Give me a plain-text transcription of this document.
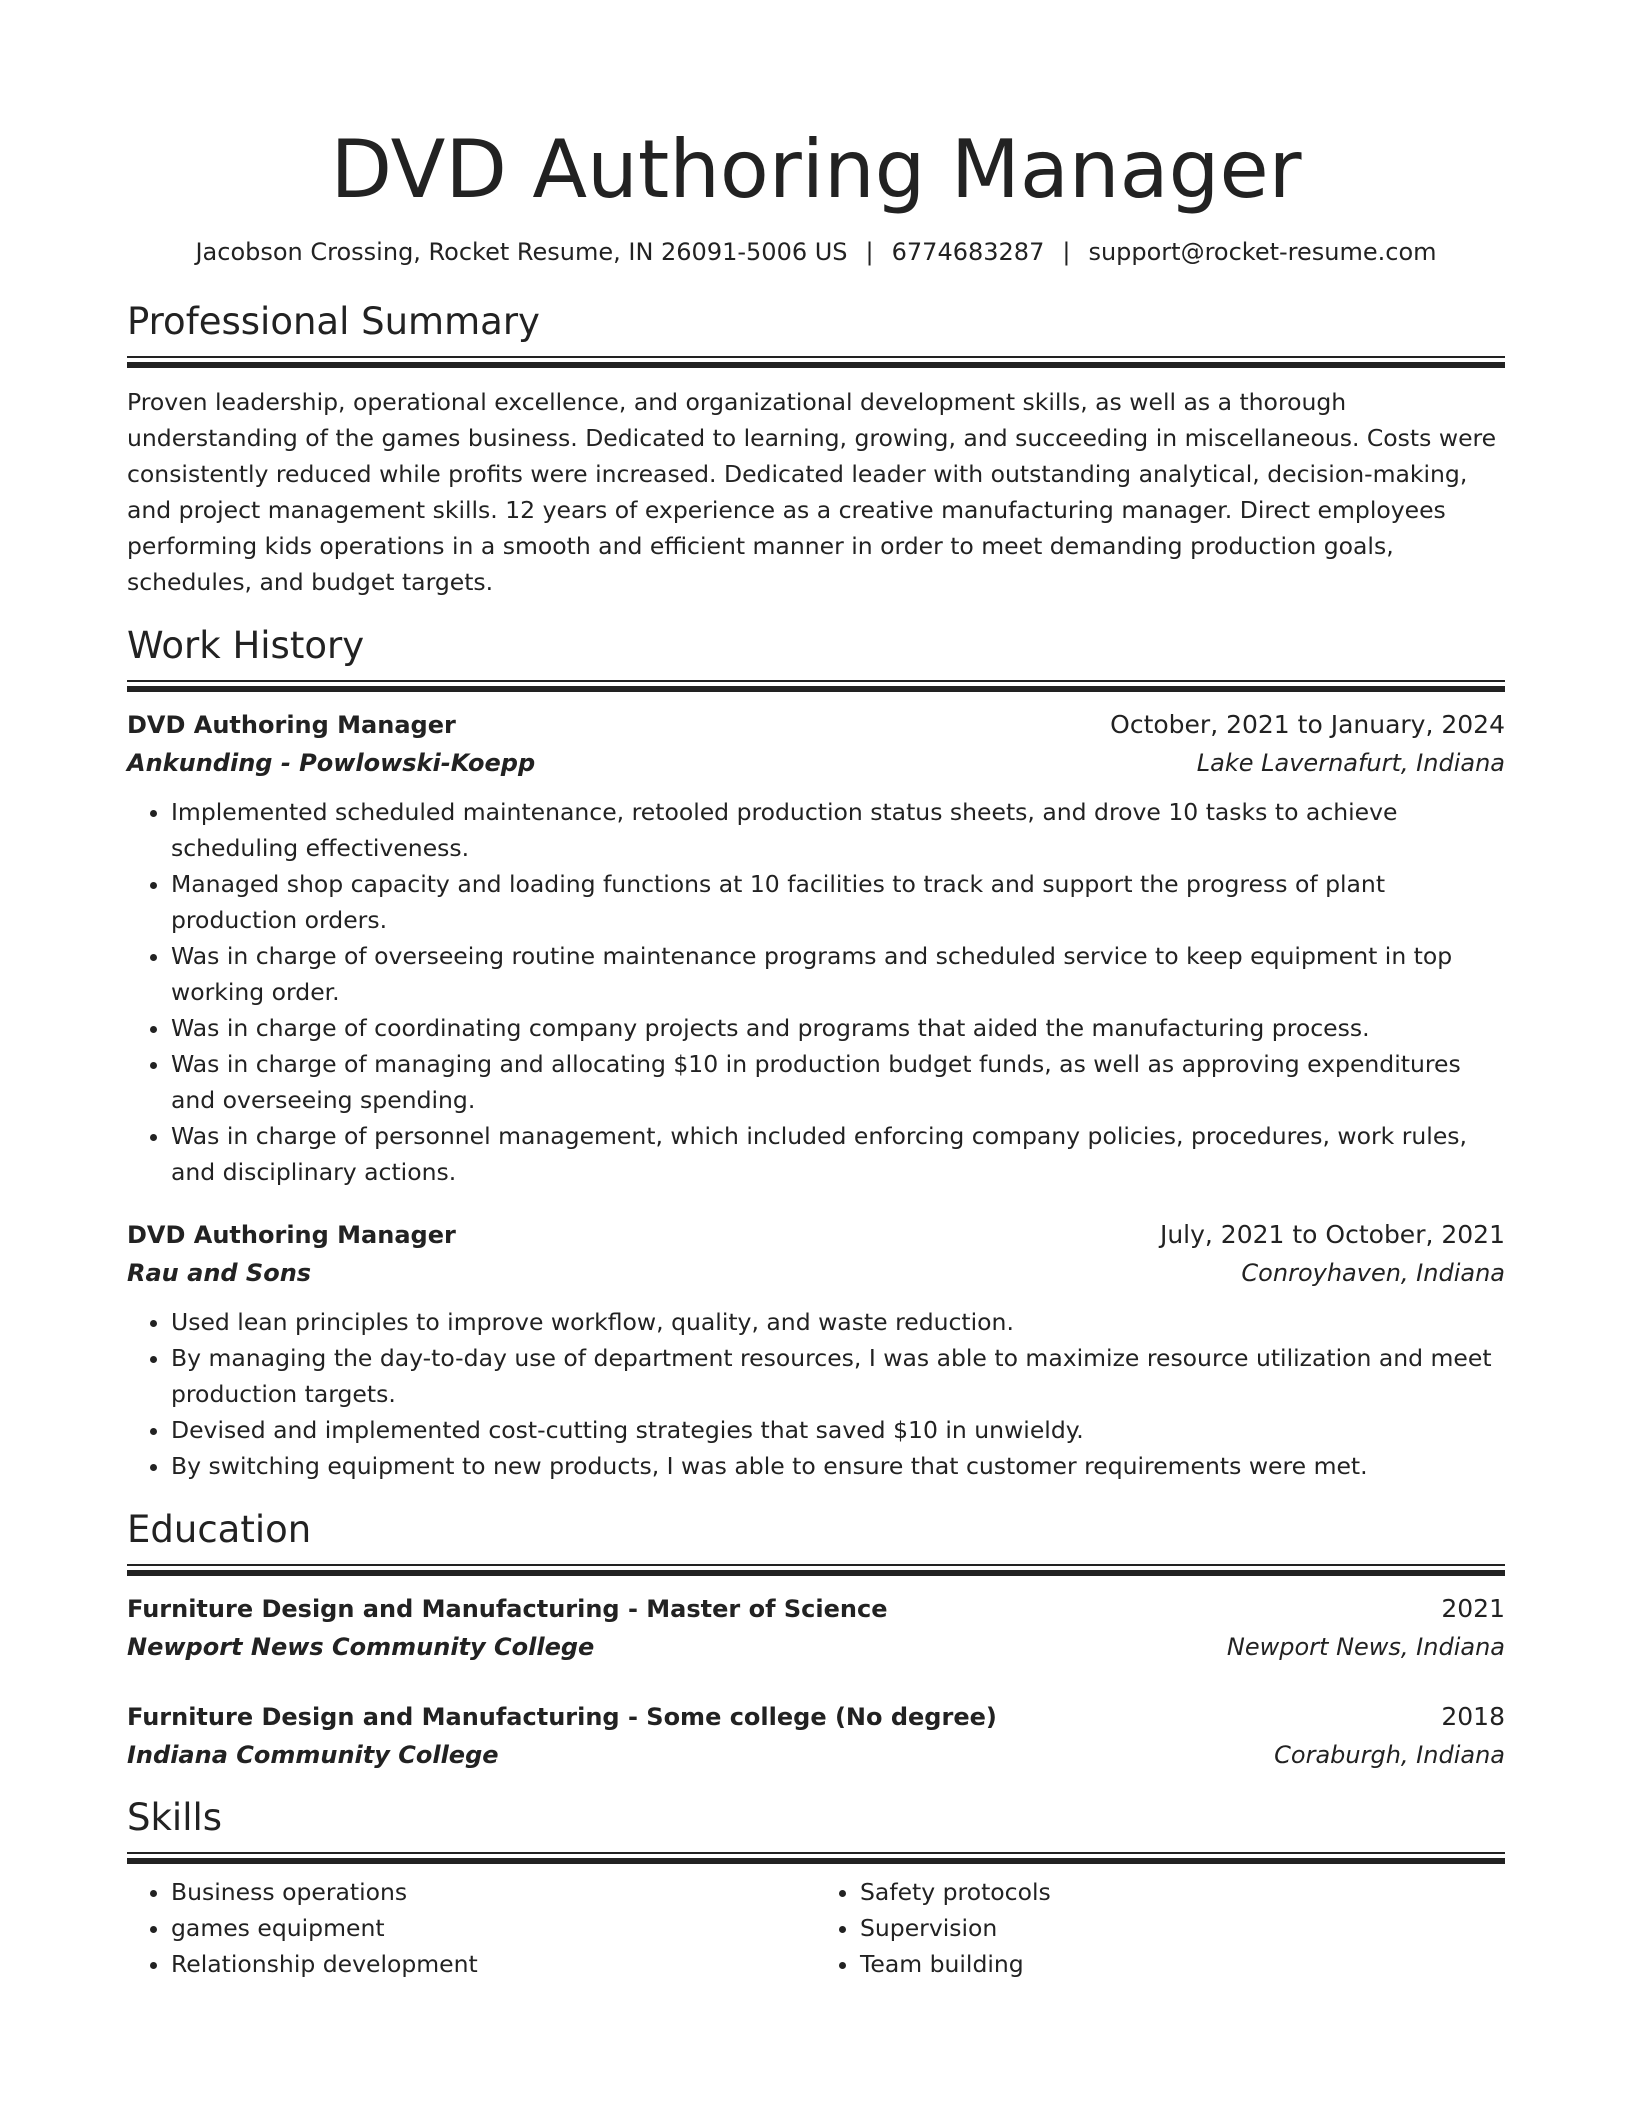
DVD Authoring Manager
Jacobson Crossing, Rocket Resume, IN 26091-5006 US | 6774683287 | support@rocket-resume.com
Professional Summary

Proven leadership, operational excellence, and organizational development skills, as well as a thorough understanding of the games business. Dedicated to learning, growing, and succeeding in miscellaneous. Costs were consistently reduced while profits were increased. Dedicated leader with outstanding analytical, decision-making, and project management skills. 12 years of experience as a creative manufacturing manager. Direct employees performing kids operations in a smooth and efficient manner in order to meet demanding production goals, schedules, and budget targets.

Work History
DVD Authoring Manager	October, 2021 to January, 2024
Ankunding - Powlowski-Koepp	Lake Lavernafurt, Indiana
• Implemented scheduled maintenance, retooled production status sheets, and drove 10 tasks to achieve scheduling effectiveness.
• Managed shop capacity and loading functions at 10 facilities to track and support the progress of plant production orders.
• Was in charge of overseeing routine maintenance programs and scheduled service to keep equipment in top working order.
• Was in charge of coordinating company projects and programs that aided the manufacturing process.
• Was in charge of managing and allocating $10 in production budget funds, as well as approving expenditures and overseeing spending.
• Was in charge of personnel management, which included enforcing company policies, procedures, work rules, and disciplinary actions.
DVD Authoring Manager	July, 2021 to October, 2021
Rau and Sons	Conroyhaven, Indiana
• Used lean principles to improve workflow, quality, and waste reduction.
• By managing the day-to-day use of department resources, I was able to maximize resource utilization and meet production targets.
• Devised and implemented cost-cutting strategies that saved $10 in unwieldy.
• By switching equipment to new products, I was able to ensure that customer requirements were met.
Education
Furniture Design and Manufacturing - Master of Science	2021
Newport News Community College	Newport News, Indiana
Furniture Design and Manufacturing - Some college (No degree)	2018
Indiana Community College	Coraburgh, Indiana
Skills
• Business operations
• games equipment
• Relationship development
• Safety protocols
• Supervision
• Team building
